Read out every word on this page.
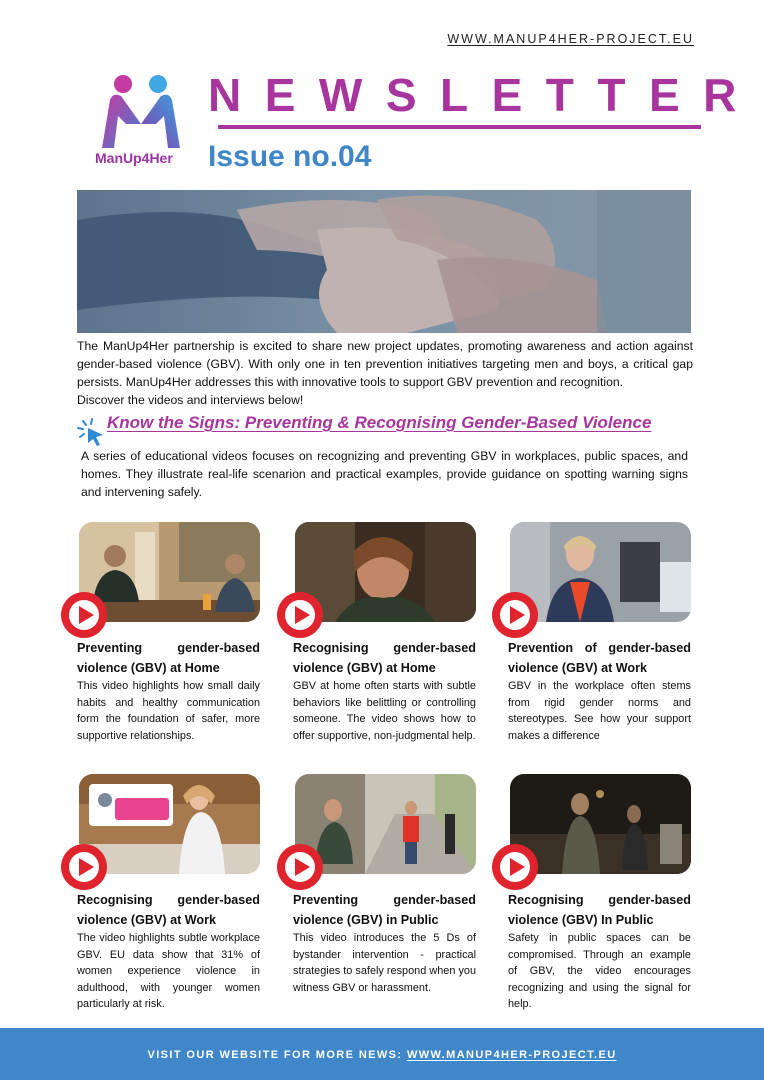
WWW.MANUP4HER-PROJECT.EU
ManUp4Her
NEWSLETTER
Issue no.04
The ManUp4Her partnership is excited to share new project updates, promoting awareness and action against gender-based violence (GBV). With only one in ten prevention initiatives targeting men and boys, a critical gap persists. ManUp4Her addresses this with innovative tools to support GBV prevention and recognition.
Discover the videos and interviews below!
Know the Signs: Preventing & Recognising Gender-Based Violence
A series of educational videos focuses on recognizing and preventing GBV in workplaces, public spaces, and homes. They illustrate real-life scenarion and practical examples, provide guidance on spotting warning signs and intervening safely.
Preventing gender-based violence (GBV) at Home
This video highlights how small daily habits and healthy communication form the foundation of safer, more supportive relationships.
Recognising gender-based violence (GBV) at Home
GBV at home often starts with subtle behaviors like belittling or controlling someone. The video shows how to offer supportive, non-judgmental help.
Prevention of gender-based violence (GBV) at Work
GBV in the workplace often stems from rigid gender norms and stereotypes. See how your support makes a difference
Recognising gender-based violence (GBV) at Work
The video highlights subtle workplace GBV. EU data show that 31% of women experience violence in adulthood, with younger women particularly at risk.
Preventing gender-based violence (GBV) in Public
This video introduces the 5 Ds of bystander intervention - practical strategies to safely respond when you witness GBV or harassment.
Recognising gender-based violence (GBV) In Public
Safety in public spaces can be compromised. Through an example of GBV, the video encourages recognizing and using the signal for help.
VISIT OUR WEBSITE FOR MORE NEWS: WWW.MANUP4HER-PROJECT.EU
